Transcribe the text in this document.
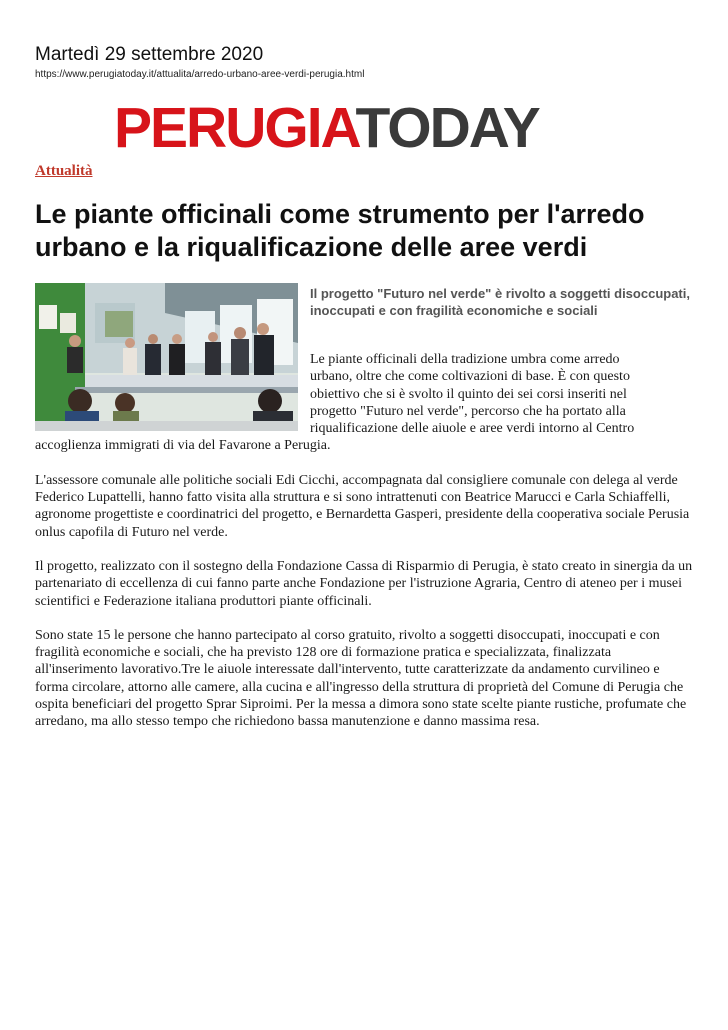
Martedì 29 settembre 2020
https://www.perugiatoday.it/attualita/arredo-urbano-aree-verdi-perugia.html
PERUGIATODAY
Attualità
Le piante officinali come strumento per l'arredo urbano e la riqualificazione delle aree verdi

Il progetto "Futuro nel verde" è rivolto a soggetti disoccupati, inoccupati e con fragilità economiche e sociali

Le piante officinali della tradizione umbra come arredo
urbano, oltre che come coltivazioni di base. È con questo
obiettivo che si è svolto il quinto dei sei corsi inseriti nel
progetto "Futuro nel verde", percorso che ha portato alla
riqualificazione delle aiuole e aree verdi intorno al Centro
accoglienza immigrati di via del Favarone a Perugia.

L'assessore comunale alle politiche sociali Edi Cicchi, accompagnata dal consigliere comunale con delega al verde Federico Lupattelli, hanno fatto visita alla struttura e si sono intrattenuti con Beatrice Marucci e Carla Schiaffelli, agronome progettiste e coordinatrici del progetto, e Bernardetta Gasperi, presidente della cooperativa sociale Perusia onlus capofila di Futuro nel verde.

Il progetto, realizzato con il sostegno della Fondazione Cassa di Risparmio di Perugia, è stato creato in sinergia da un partenariato di eccellenza di cui fanno parte anche Fondazione per l'istruzione Agraria, Centro di ateneo per i musei scientifici e Federazione italiana produttori piante officinali.

Sono state 15 le persone che hanno partecipato al corso gratuito, rivolto a soggetti disoccupati, inoccupati e con fragilità economiche e sociali, che ha previsto 128 ore di formazione pratica e specializzata, finalizzata all'inserimento lavorativo.Tre le aiuole interessate dall'intervento, tutte caratterizzate da andamento curvilineo e forma circolare, attorno alle camere, alla cucina e all'ingresso della struttura di proprietà del Comune di Perugia che ospita beneficiari del progetto Sprar Siproimi. Per la messa a dimora sono state scelte piante rustiche, profumate che arredano, ma allo stesso tempo che richiedono bassa manutenzione e danno massima resa.
